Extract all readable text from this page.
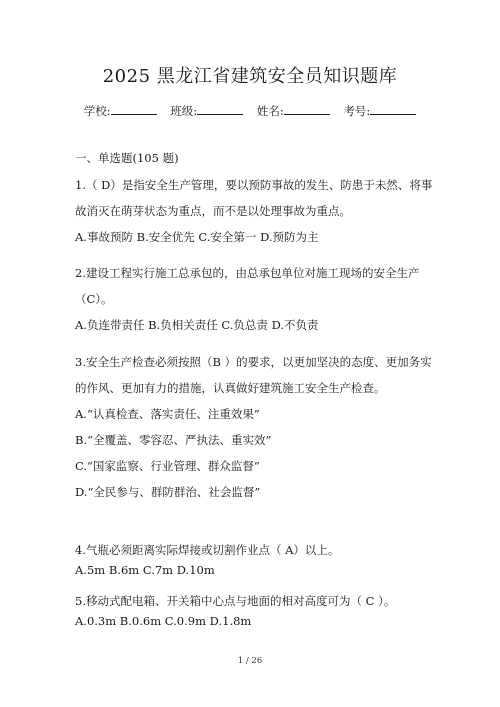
2025 黑龙江省建筑安全员知识题库
学校:	班级:	姓名:	考号:
一、单选题(105 题)
1.（ D）是指安全生产管理，要以预防事故的发生、防患于未然、将事
故消灭在萌芽状态为重点，而不是以处理事故为重点。
A.事故预防 B.安全优先 C.安全第一 D.预防为主
2.建设工程实行施工总承包的，由总承包单位对施工现场的安全生产
（C）。
A.负连带责任 B.负相关责任 C.负总责 D.不负责
3.安全生产检查必须按照（B ）的要求，以更加坚决的态度、更加务实
的作风、更加有力的措施，认真做好建筑施工安全生产检查。
A.“认真检查、落实责任、注重效果”
B.“全覆盖、零容忍、严执法、重实效”
C.“国家监察、行业管理、群众监督”
D.“全民参与、群防群治、社会监督”
4.气瓶必须距离实际焊接或切割作业点（ A）以上。
A.5m B.6m C.7m D.10m
5.移动式配电箱、开关箱中心点与地面的相对高度可为（ C ）。
A.0.3m B.0.6m C.0.9m D.1.8m
1 / 26
